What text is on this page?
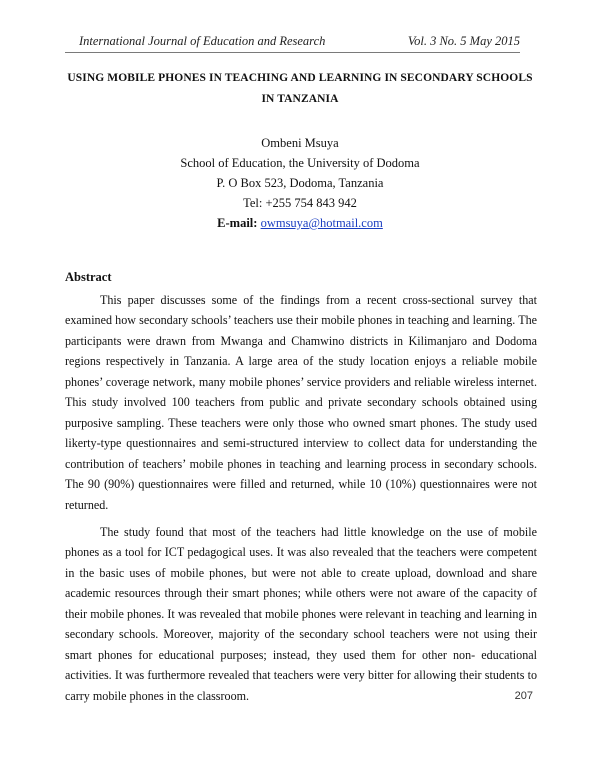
International Journal of Education and Research	Vol. 3 No. 5 May 2015
USING MOBILE PHONES IN TEACHING AND LEARNING IN SECONDARY SCHOOLS
IN TANZANIA
Ombeni Msuya
School of Education, the University of Dodoma
P. O Box 523, Dodoma, Tanzania
Tel: +255 754 843 942
E-mail: owmsuya@hotmail.com
Abstract

This paper discusses some of the findings from a recent cross-sectional survey that examined how secondary schools’ teachers use their mobile phones in teaching and learning. The participants were drawn from Mwanga and Chamwino districts in Kilimanjaro and Dodoma regions respectively in Tanzania. A large area of the study location enjoys a reliable mobile phones’ coverage network, many mobile phones’ service providers and reliable wireless internet. This study involved 100 teachers from public and private secondary schools obtained using purposive sampling. These teachers were only those who owned smart phones. The study used likerty-type questionnaires and semi-structured interview to collect data for understanding the contribution of teachers’ mobile phones in teaching and learning process in secondary schools. The 90 (90%) questionnaires were filled and returned, while 10 (10%) questionnaires were not returned.

The study found that most of the teachers had little knowledge on the use of mobile phones as a tool for ICT pedagogical uses. It was also revealed that the teachers were competent in the basic uses of mobile phones, but were not able to create upload, download and share academic resources through their smart phones; while others were not aware of the capacity of their mobile phones. It was revealed that mobile phones were relevant in teaching and learning in secondary schools. Moreover, majority of the secondary school teachers were not using their smart phones for educational purposes; instead, they used them for other non- educational activities. It was furthermore revealed that teachers were very bitter for allowing their students to carry mobile phones in the classroom.	207
